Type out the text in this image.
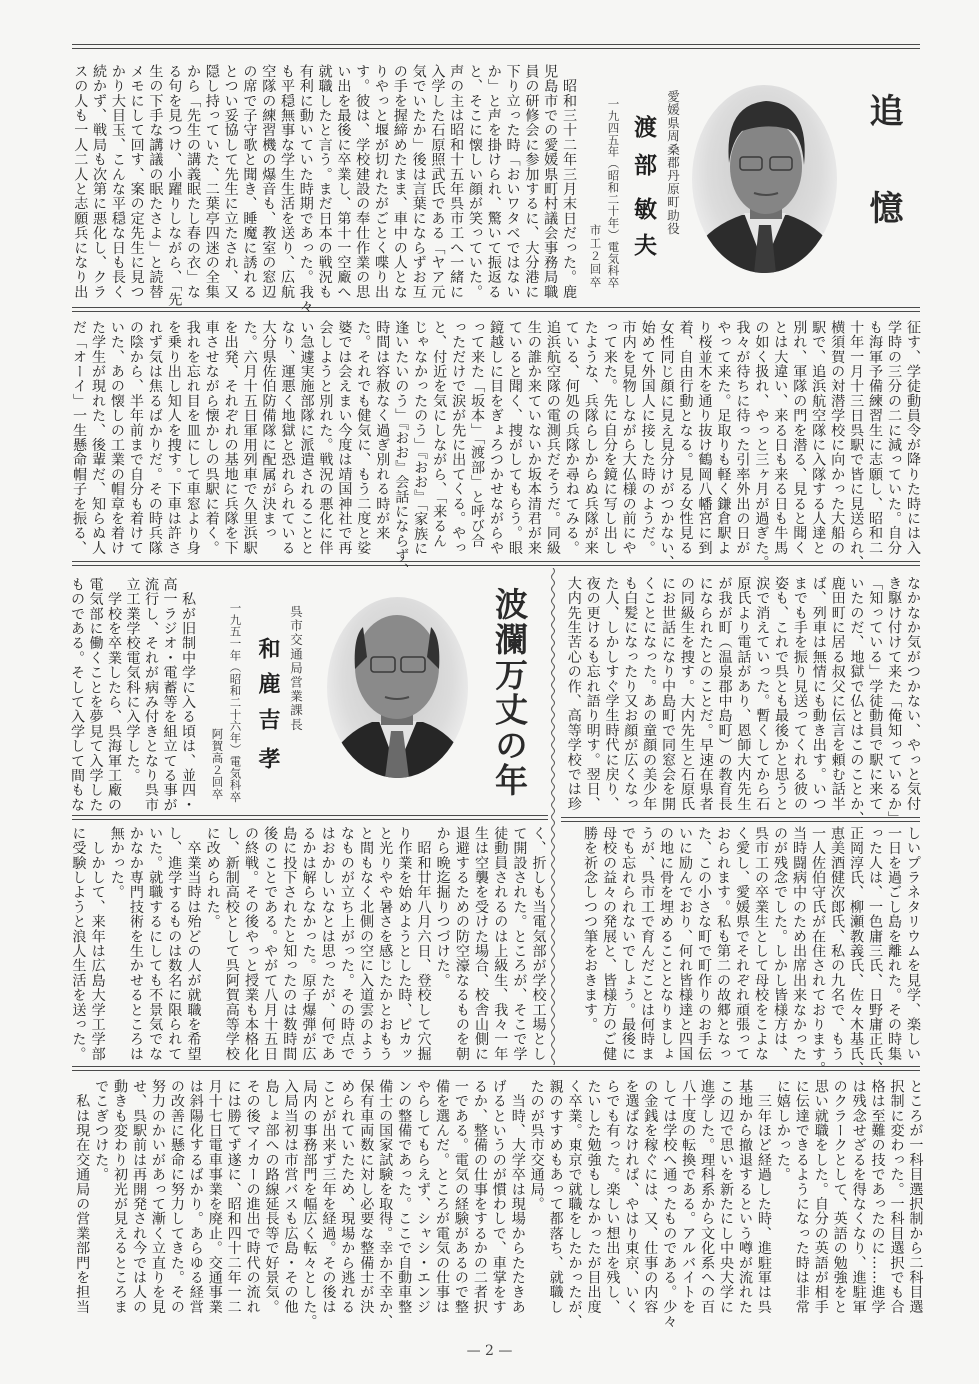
追憶
愛媛県周桑郡丹原町助役
渡部
敏夫
一九四五年（昭和二十年）電気科卒
市工２回卒
　昭和三十二年三月末日だった。鹿
児島市での愛媛県町村議会事務局職
員の研修会に参加するに、大分港に
下り立った時「おいワタベではない
か」と声を掛けられ、驚いて振返る
と、そこに懐しい顔が笑っていた。
声の主は昭和十五年呉市工へ一緒に
入学した石原照武氏である「ヤア元
気でいたか」後は言葉にならずお互
の手を握締めたまま、車中の人とな
りやっと堰が切れたがごとく喋り出
す。彼は、学校建設の奉仕作業の思
い出を最後に卒業し、第十一空廠へ
就職したと言う。まだ日本の戦況も
有利に動いていた時期であった。我々
も平穏無事な学生生活を送り、広航
空隊の練習機の爆音も、教室の窓辺
の席で子守歌と聞き、睡魔に誘れる
とつい妥協して先生に立たされ、又
隠し持っていた、二葉亭四迷の全集
から「先生の講義眠たし春の衣」な
る句を見つけ、小躍りしながら、「先
生の下手な講議の眠たさよ」と読替
メモにして回す、案の定先生に見つ
かり大目玉、こんな平穏な日も長く
続かず、戦局も次第に悪化し、クラ
スの人も一人二人と志願兵になり出
征す、学徒動員令が降りた時には入
学時の三分の二に減っていた。自分
も海軍予備練習生に志願し、昭和二
十年一月十三日呉駅で皆に見送られ、
横須賀の対潜学校に向かった大船の
駅で、追浜航空隊に入隊する人達と
別れ、軍隊の門を潜る、見ると聞く
とは大違い、来る日も来る日も牛馬
の如く扱れ、やっと三ヶ月が過ぎた。
我々が待ちに待った引率外出の日が
やって来た。足取りも軽く鎌倉駅よ
り桜並木を通り抜け鶴岡八幡宮に到
着、自由行動となる。見る女性見る
女性同じ顔に見え見分けがつかない、
始めて外国人に接した時のようだ。
市内を見物しながら大仏様の前にや
って来た。先に自分を鏡に写し出し
たような、兵隊らしからぬ兵隊が来
ている、何処の兵隊か尋ねてみる。
追浜航空隊の電測兵だそうだ。同級
生の誰か来ていないか坂本清君が来
ていると聞く、捜がしてもらう。眼
鏡越しに目をぎょろつかせながらや
って来た「坂本」「渡部」と呼び合
っただけで涙が先に出てくる。やっ
と、付近を気にしながら、「来るん
じゃなかったのう」『おお』「家族に
逢いたいのう」『おお』会話にならず、
時間は容赦なく過ぎ別れる時が来
た。それでも健気に、もう二度と娑
婆では会えまい今度は靖国神社で再
会しようと別れた。戦況の悪化に伴
い急遽実施部隊に派遣されることと
なり、運悪く地獄と恐れられている
大分県佐伯防備隊に配属が決まっ
た。六月十五日軍用列車で久里浜駅
を出発、それぞれの基地に兵隊を下
車させながら懐かしの呉駅に着く。
我れを忘れ目を皿にして車窓より身
を乗り出し知人を捜す。下車は許さ
れず気は焦るばかりだ。その時兵隊
の陰から、半年前まで自分も着けて
いた、あの懐しの工業の帽章を着け
た学生が現れた、後輩だ、知らぬ人
だ「オーイ」一生懸命帽子を振る、
なかなか気がつかない、やっと気付
き駆け付けて来た「俺知っているか」
「知っている」学徒動員で駅に来て
いたのだ、地獄で仏とはこのことか、
鹿田町に居る叔父に伝言を頼む話半
ば、列車は無情にも動き出す。いつ
までも手を振り見送ってくれる彼の
姿も、これで呉とも最後かと思うと
涙で消えていった。暫くしてから石
原氏より電話があり、恩師大内先生
が我が町（温泉郡中島町）の教育長
になられたとのことだ。早速在県者
の同級生を捜す。大内先生と石原氏
にお世話になり中島町で同窓会を開
くことになった。あの童顔の美少年
も白髪になったり又お顔が広くなっ
た人、しかしすぐ学生時代に戻り、
夜の更けるも忘れ語り明す。翌日、
大内先生苦心の作、高等学校では珍
しいプラネタリウムを見学、楽しい
一日を過ごし島を離れた。その時集
った人は、一色庸三氏、日野庸正氏、
正岡淳氏、柳瀬教義氏、佐々木基氏、
恵美酒健次郎氏、私の九名で、もう
一人佐伯守氏が在住されております。
当時闘病中のため出席出来なかった
のが残念でした。しかし皆様方は、
呉市工の卒業生として母校をこよな
く愛し、愛媛県でそれぞれ頑張って
おられます。私も第二の故郷となっ
た、この小さな町で町作りのお手伝
いに励んでおり、何れ皆様達と四国
の地に骨を埋めることとなりましょ
うが、呉市工で育んだことは何時ま
でも忘れられないでしょう。最後に
母校の益々の発展と、皆様方のご健
勝を祈念しつつ筆をおきます。
波瀾万丈の年
呉市交通局営業課長
和鹿
吉孝
一九五一年（昭和二十六年）電気科卒
阿賀高２回卒
　私が旧制中学に入る頃は、並四・
高一ラジオ・電蓄等を組立てる事が
流行し、それが病み付きとなり呉市
立工業学校電気科に入学した。
　学校を卒業したら、呉海軍工廠の
電気部に働くことを夢見て入学した
ものである。そして入学して間もな
く、折しも当電気部が学校工場とし
て開設された。ところが、そこで学
徒動員されるのは上級生、我々一年
生は空襲を受けた場合、校舎山側に
退避するための防空濠なるものを朝
から晩迄掘りつづけた。
　昭和廿年八月六日、登校して穴掘
り作業を始めようとした時、ピカッ
と光りやや暑さを感じたかとおもう
と間もなく北側の空に入道雲のよう
なものが立ち上がった。その時点で
はおかしいなとは思ったが、何であ
るかは解らなかった。原子爆弾が広
島に投下されたと知ったのは数時間
後のことである。やがて八月十五日
の終戦。その後やっと授業も本格化
し、新制高校として呉阿賀高等学校
に改められた。
　卒業当時は殆どの人が就職を希望
し、進学するものは数名に限られて
いた。就職するにしても不景気でな
かなか専門技術を生かせるところは
無かった。
　しかして、来年は広島大学工学部
に受験しようと浪人生活を送った。
ところが一科目選択制から二科目選
択制に変わった。一科目選択でも合
格は至難の技であったのに……進学
は残念せざるを得なくなり、進駐軍
のクラークとして、英語の勉強をと
思い就職をした。自分の英語が相手
に伝達できるようになった時は非常
に嬉しかった。
　三年ほど経過した時、進駐軍は呉
基地から撤退するという噂が流れた
この辺で思いを新たにし中央大学に
進学した。理科系から文化系への百
八十度の転換である。アルバイトを
しては学校へ通ったものである。少々
の金銭を稼ぐには、又、仕事の内容
を選ばなければ、やはり東京、いく
らでも有った。楽しい想出を残し、
たいした勉強もしなかったが目出度
く卒業。東京で就職をしたかったが、
親のすすめもあって都落ち、就職し
たのが呉市交通局。
　当時、大学卒は現場からたたきあ
げるというのが慣わしで、車掌をす
るか、整備の仕事をするかの二者択
一である。電気の経験があるので整
備を選んだ。ところが電気の仕事は
やらしてもらえず、シャシ・エンジ
ンの整備であった。ここで自動車整
備士の国家試験を取得。幸か不幸か、
保有車両数に対し必要な整備士が決
められていたため、現場から逃れる
ことが出来ず三年を経過。その後は
局内の事務部門を幅広く転々とした。
入局当初は市営バスも広島・その他
島しょ部への路線延長等で好景気。
その後マイカーの進出で時代の流れ
には勝てず遂に、昭和四十二年一二
月十七日電車事業を廃止。交通事業
は斜陽化するばかり。あらゆる経営
の改善に懸命に努力してきた。その
努力のかいがあって漸く立直りを見
せ、呉駅前は再開発され今では人の
動きも変わり初光が見えるところま
でこぎつけた。
　私は現在交通局の営業部門を担当
— 2 —
